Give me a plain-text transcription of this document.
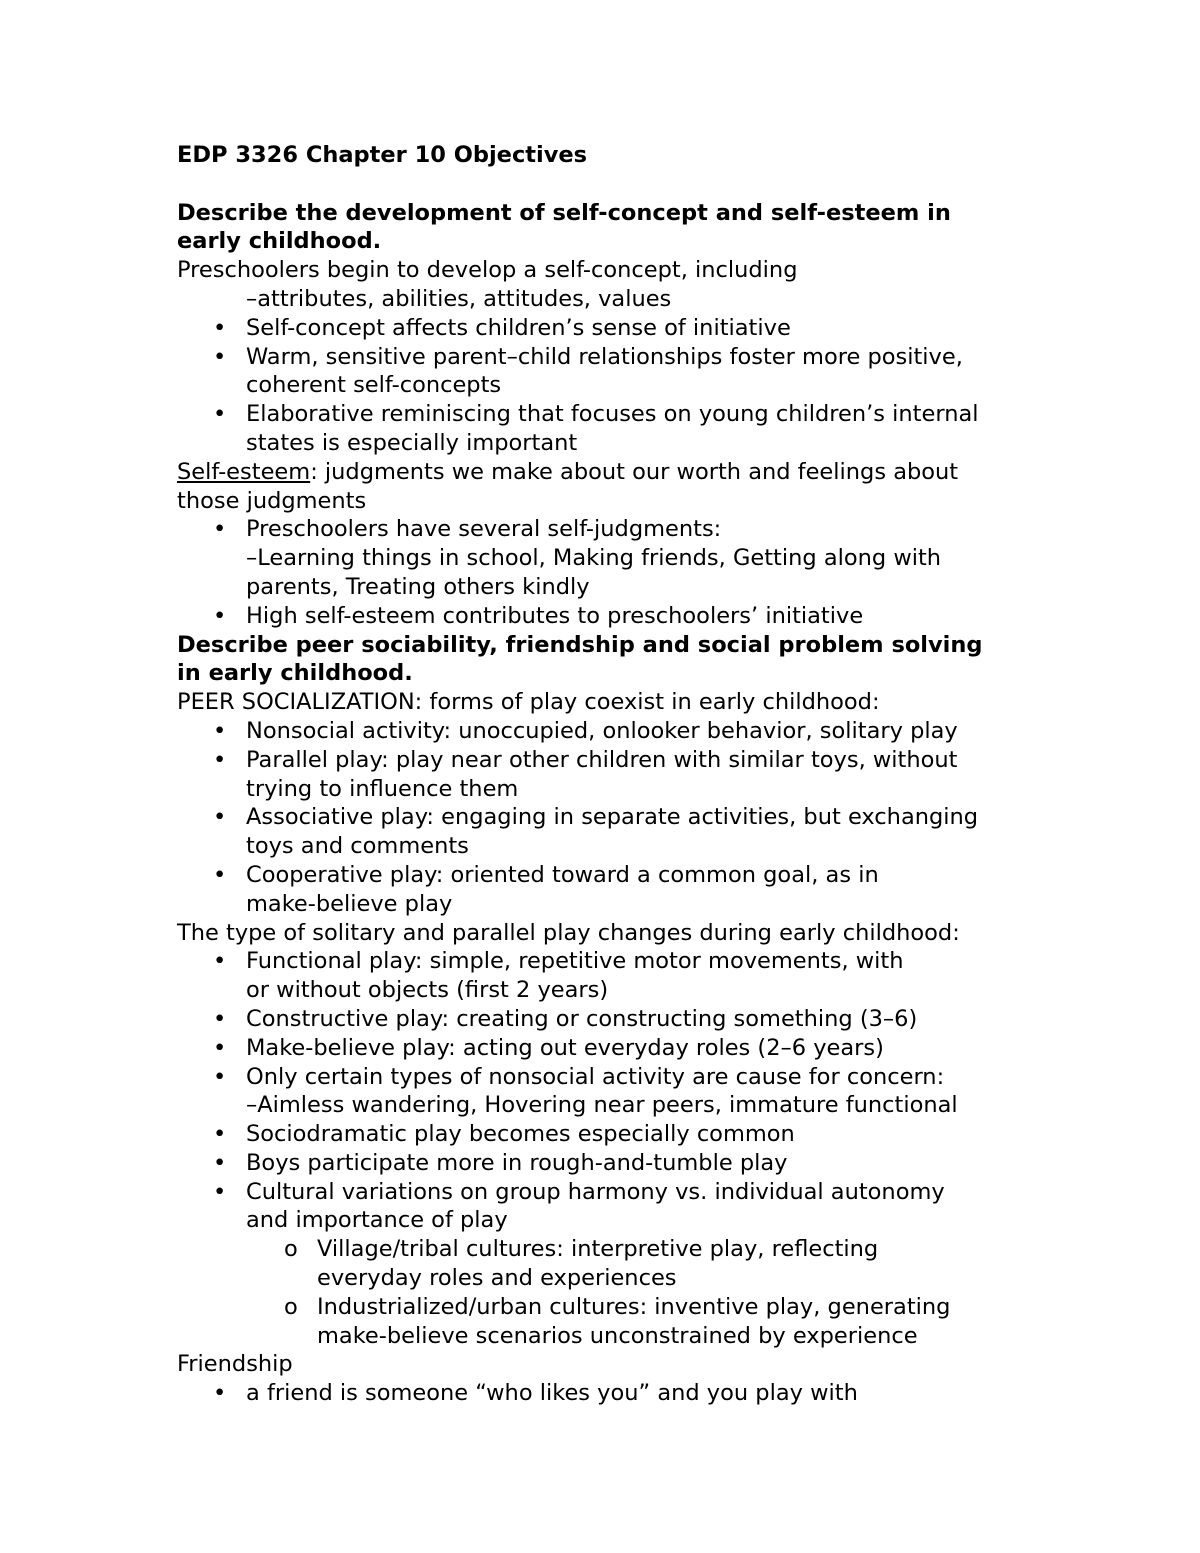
EDP 3326 Chapter 10 Objectives

Describe the development of self-concept and self-esteem in
early childhood.

Preschoolers begin to develop a self-concept, including

–attributes, abilities, attitudes, values

• Self-concept affects children’s sense of initiative
• Warm, sensitive parent–child relationships foster more positive,
coherent self-concepts
• Elaborative reminiscing that focuses on young children’s internal
states is especially important

Self-esteem: judgments we make about our worth and feelings about
those judgments

• Preschoolers have several self-judgments:
–Learning things in school, Making friends, Getting along with
parents, Treating others kindly
• High self-esteem contributes to preschoolers’ initiative

Describe peer sociability, friendship and social problem solving
in early childhood.

PEER SOCIALIZATION: forms of play coexist in early childhood:

• Nonsocial activity: unoccupied, onlooker behavior, solitary play
• Parallel play: play near other children with similar toys, without
trying to influence them
• Associative play: engaging in separate activities, but exchanging
toys and comments
• Cooperative play: oriented toward a common goal, as in
make-believe play

The type of solitary and parallel play changes during early childhood:

• Functional play: simple, repetitive motor movements, with
or without objects (first 2 years)
• Constructive play: creating or constructing something (3–6)
• Make-believe play: acting out everyday roles (2–6 years)
• Only certain types of nonsocial activity are cause for concern:
–Aimless wandering, Hovering near peers, immature functional
• Sociodramatic play becomes especially common
• Boys participate more in rough-and-tumble play
• Cultural variations on group harmony vs. individual autonomy
and importance of play
o Village/tribal cultures: interpretive play, reflecting
everyday roles and experiences
o Industrialized/urban cultures: inventive play, generating
make-believe scenarios unconstrained by experience

Friendship

• a friend is someone “who likes you” and you play with
